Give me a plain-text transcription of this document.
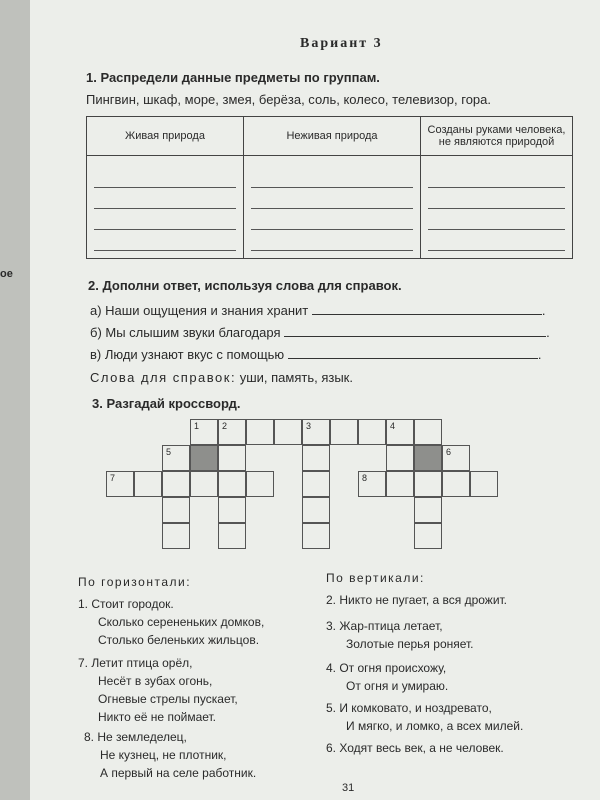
ое
Вариант 3
1. Распредели данные предметы по группам.
Пингвин, шкаф, море, змея, берёза, соль, колесо, телевизор, гора.
Живая природа	Неживая природа	Созданы руками человека, не являются природой

2. Дополни ответ, используя слова для справок.
а) Наши ощущения и знания хранит	.
б) Мы слышим звуки благодаря	.
в) Люди узнают вкус с помощью	.
Слова для справок: уши, память, язык.
3. Разгадай кроссворд.
1	2	3	4
5	6
7	8
По горизонтали:
1. Стоит городок.
Сколько серененьких домков,
Столько беленьких жильцов.
7. Летит птица орёл,
Несёт в зубах огонь,
Огневые стрелы пускает,
Никто её не поймает.
8. Не земледелец,
Не кузнец, не плотник,
А первый на селе работник.
По вертикали:
2. Никто не пугает, а вся дрожит.
3. Жар-птица летает,
Золотые перья роняет.
4. От огня происхожу,
От огня и умираю.
5. И комковато, и ноздревато,
И мягко, и ломко, а всех милей.
6. Ходят весь век, а не человек.
31
